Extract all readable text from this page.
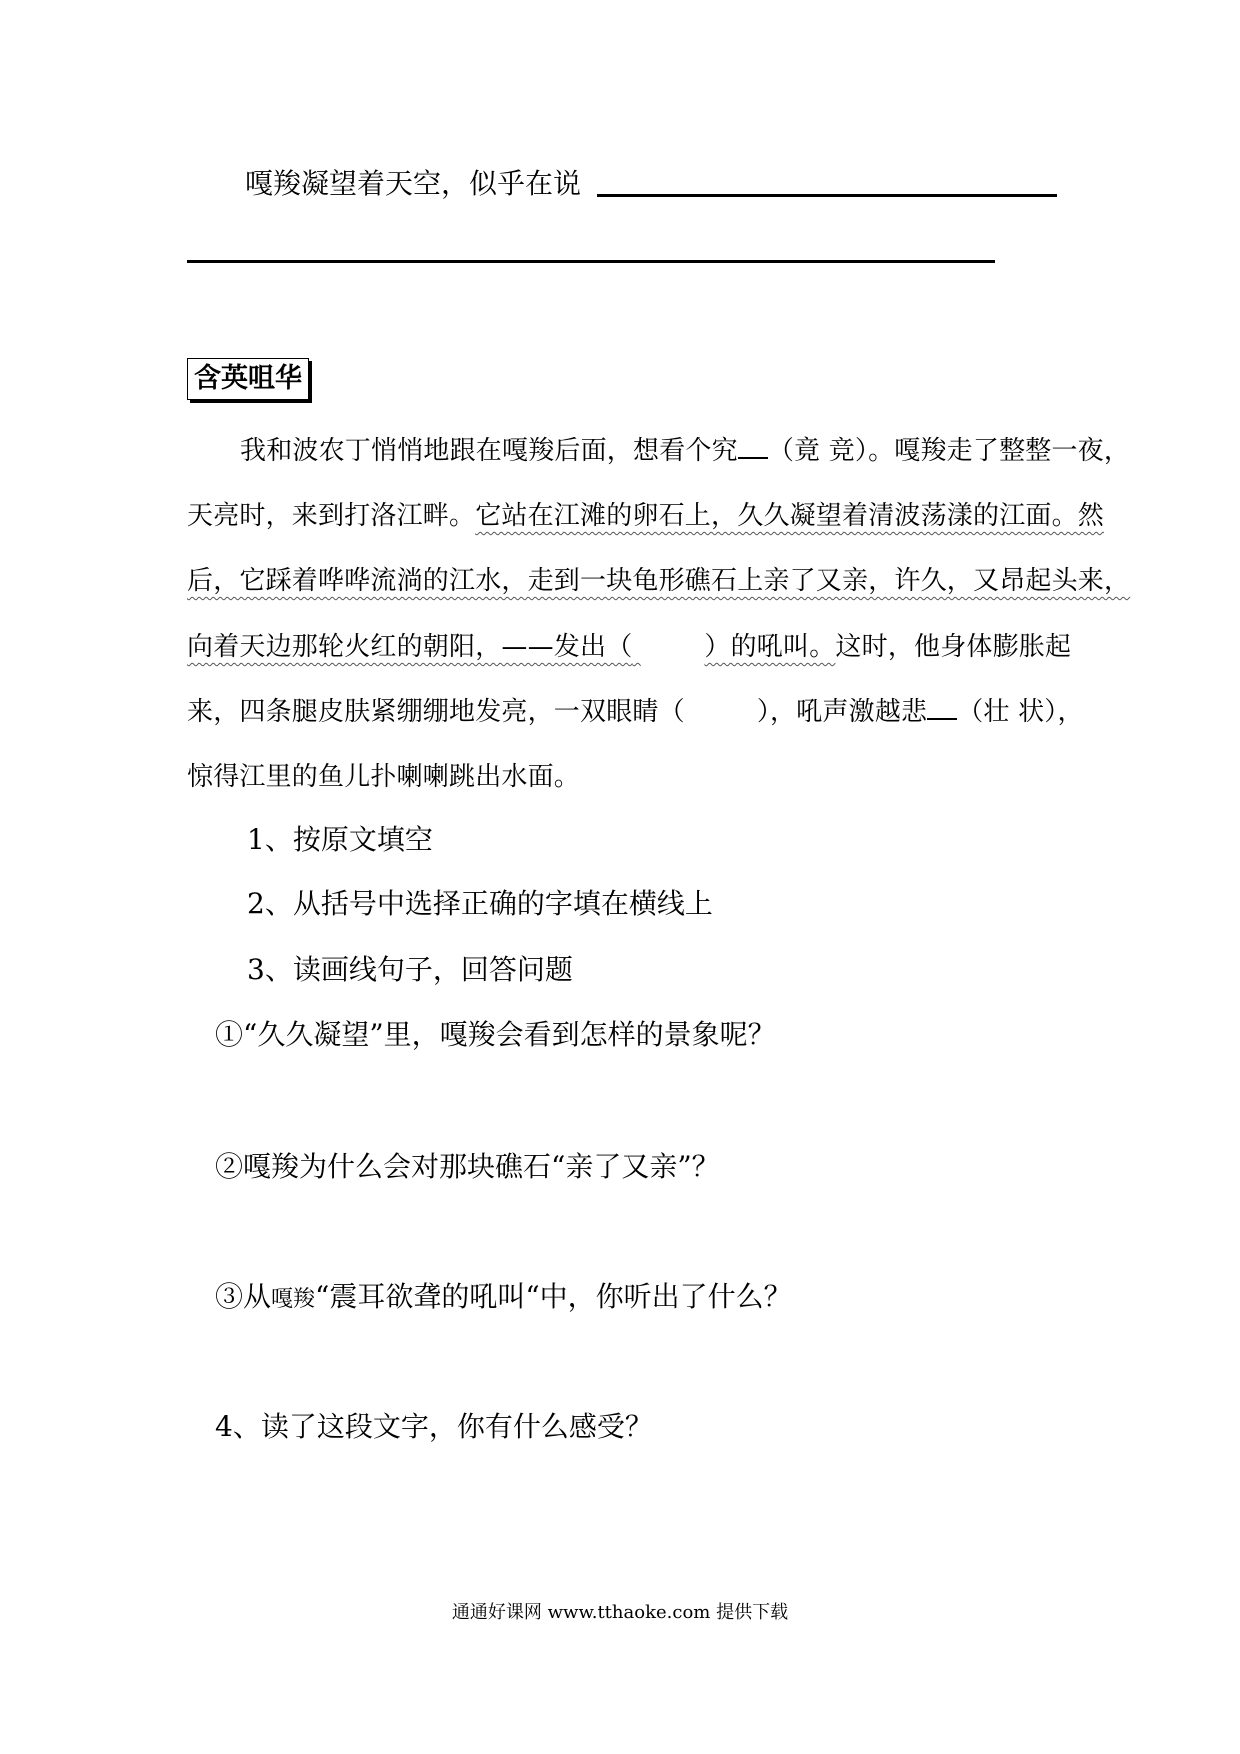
嘎羧凝望着天空，似乎在说
含英咀华
我和波农丁悄悄地跟在嘎羧后面，想看个究 （竟 竞）。嘎羧走了整整一夜，
天亮时，来到打洛江畔。它站在江滩的卵石上，久久凝望着清波荡漾的江面。然
后，它踩着哗哗流淌的江水，走到一块龟形礁石上亲了又亲，许久，又昂起头来，
向着天边那轮火红的朝阳，——发出（	）的吼叫。这时，他身体膨胀起
来，四条腿皮肤紧绷绷地发亮，一双眼睛（	），吼声激越悲 （壮 状），
惊得江里的鱼儿扑喇喇跳出水面。
1、按原文填空
2、从括号中选择正确的字填在横线上
3、读画线句子，回答问题
①“久久凝望”里，嘎羧会看到怎样的景象呢？
②嘎羧为什么会对那块礁石“亲了又亲”？
③从嘎羧“震耳欲聋的吼叫“中，你听出了什么？
4、读了这段文字，你有什么感受？
通通好课网 www.tthaoke.com 提供下载
